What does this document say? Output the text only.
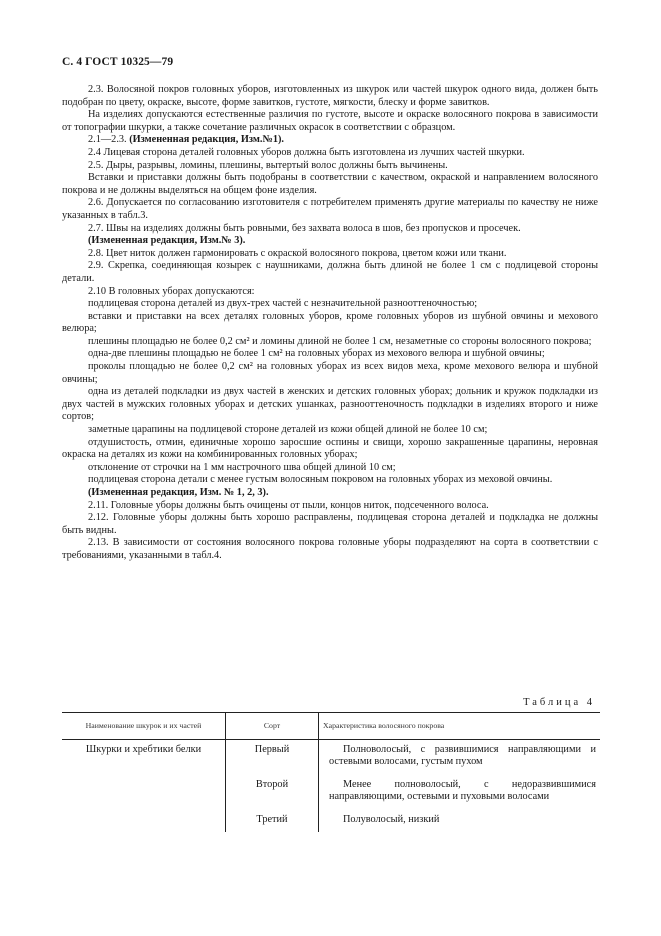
С. 4 ГОСТ 10325—79

2.3. Волосяной покров головных уборов, изготовленных из шкурок или частей шкурок одного вида, должен быть подобран по цвету, окраске, высоте, форме завитков, густоте, мягкости, блеску и форме завитков.

На изделиях допускаются естественные различия по густоте, высоте и окраске волосяного покрова в зависимости от топографии шкурки, а также сочетание различных окрасок в соответствии с образцом.

2.1—2.3. (Измененная редакция, Изм.№1).

2.4 Лицевая сторона деталей головных уборов должна быть изготовлена из лучших частей шкурки.

2.5. Дыры, разрывы, ломины, плешины, вытертый волос должны быть вычинены.

Вставки и приставки должны быть подобраны в соответствии с качеством, окраской и направлением волосяного покрова и не должны выделяться на общем фоне изделия.

2.6. Допускается по согласованию изготовителя с потребителем применять другие материалы по качеству не ниже указанных в табл.3.

2.7. Швы на изделиях должны быть ровными, без захвата волоса в шов, без пропусков и просечек.

(Измененная редакция, Изм.№ 3).

2.8. Цвет ниток должен гармонировать с окраской волосяного покрова, цветом кожи или ткани.

2.9. Скрепка, соединяющая козырек с наушниками, должна быть длиной не более 1 см с подлицевой стороны детали.

2.10 В головных уборах допускаются:

подлицевая сторона деталей из двух-трех частей с незначительной разнооттеночностью;

вставки и приставки на всех деталях головных уборов, кроме головных уборов из шубной овчины и мехового велюра;

плешины площадью не более 0,2 см² и ломины длиной не более 1 см, незаметные со стороны волосяного покрова;

одна-две плешины площадью не более 1 см² на головных уборах из мехового велюра и шубной овчины;

проколы площадью не более 0,2 см² на головных уборах из всех видов меха, кроме мехового велюра и шубной овчины;

одна из деталей подкладки из двух частей в женских и детских головных уборах; дольник и кружок подкладки из двух частей в мужских головных уборах и детских ушанках, разнооттеночность подкладки в изделиях второго и ниже сортов;

заметные царапины на подлицевой стороне деталей из кожи общей длиной не более 10 см;

отдушистость, отмин, единичные хорошо заросшие оспины и свищи, хорошо закрашенные царапины, неровная окраска на деталях из кожи на комбинированных головных уборах;

отклонение от строчки на 1 мм настрочного шва общей длиной 10 см;

подлицевая сторона детали с менее густым волосяным покровом на головных уборах из меховой овчины.

(Измененная редакция, Изм. № 1, 2, 3).

2.11. Головные уборы должны быть очищены от пыли, концов ниток, подсеченного волоса.

2.12. Головные уборы должны быть хорошо расправлены, подлицевая сторона деталей и подкладка не должны быть видны.

2.13. В зависимости от состояния волосяного покрова головные уборы подразделяют на сорта в соответствии с требованиями, указанными в табл.4.

Таблица 4
Наименование шкурок и их частей	Сорт	Характеристика волосяного покрова

Шкурки и хребтики белки	Первый	Полноволосый, с развившимися направляющими и остевыми волосами, густым пухом

	Второй	Менее полноволосый, с недоразвившимися направляющими, остевыми и пуховыми волосами

	Третий	Полуволосый, низкий
